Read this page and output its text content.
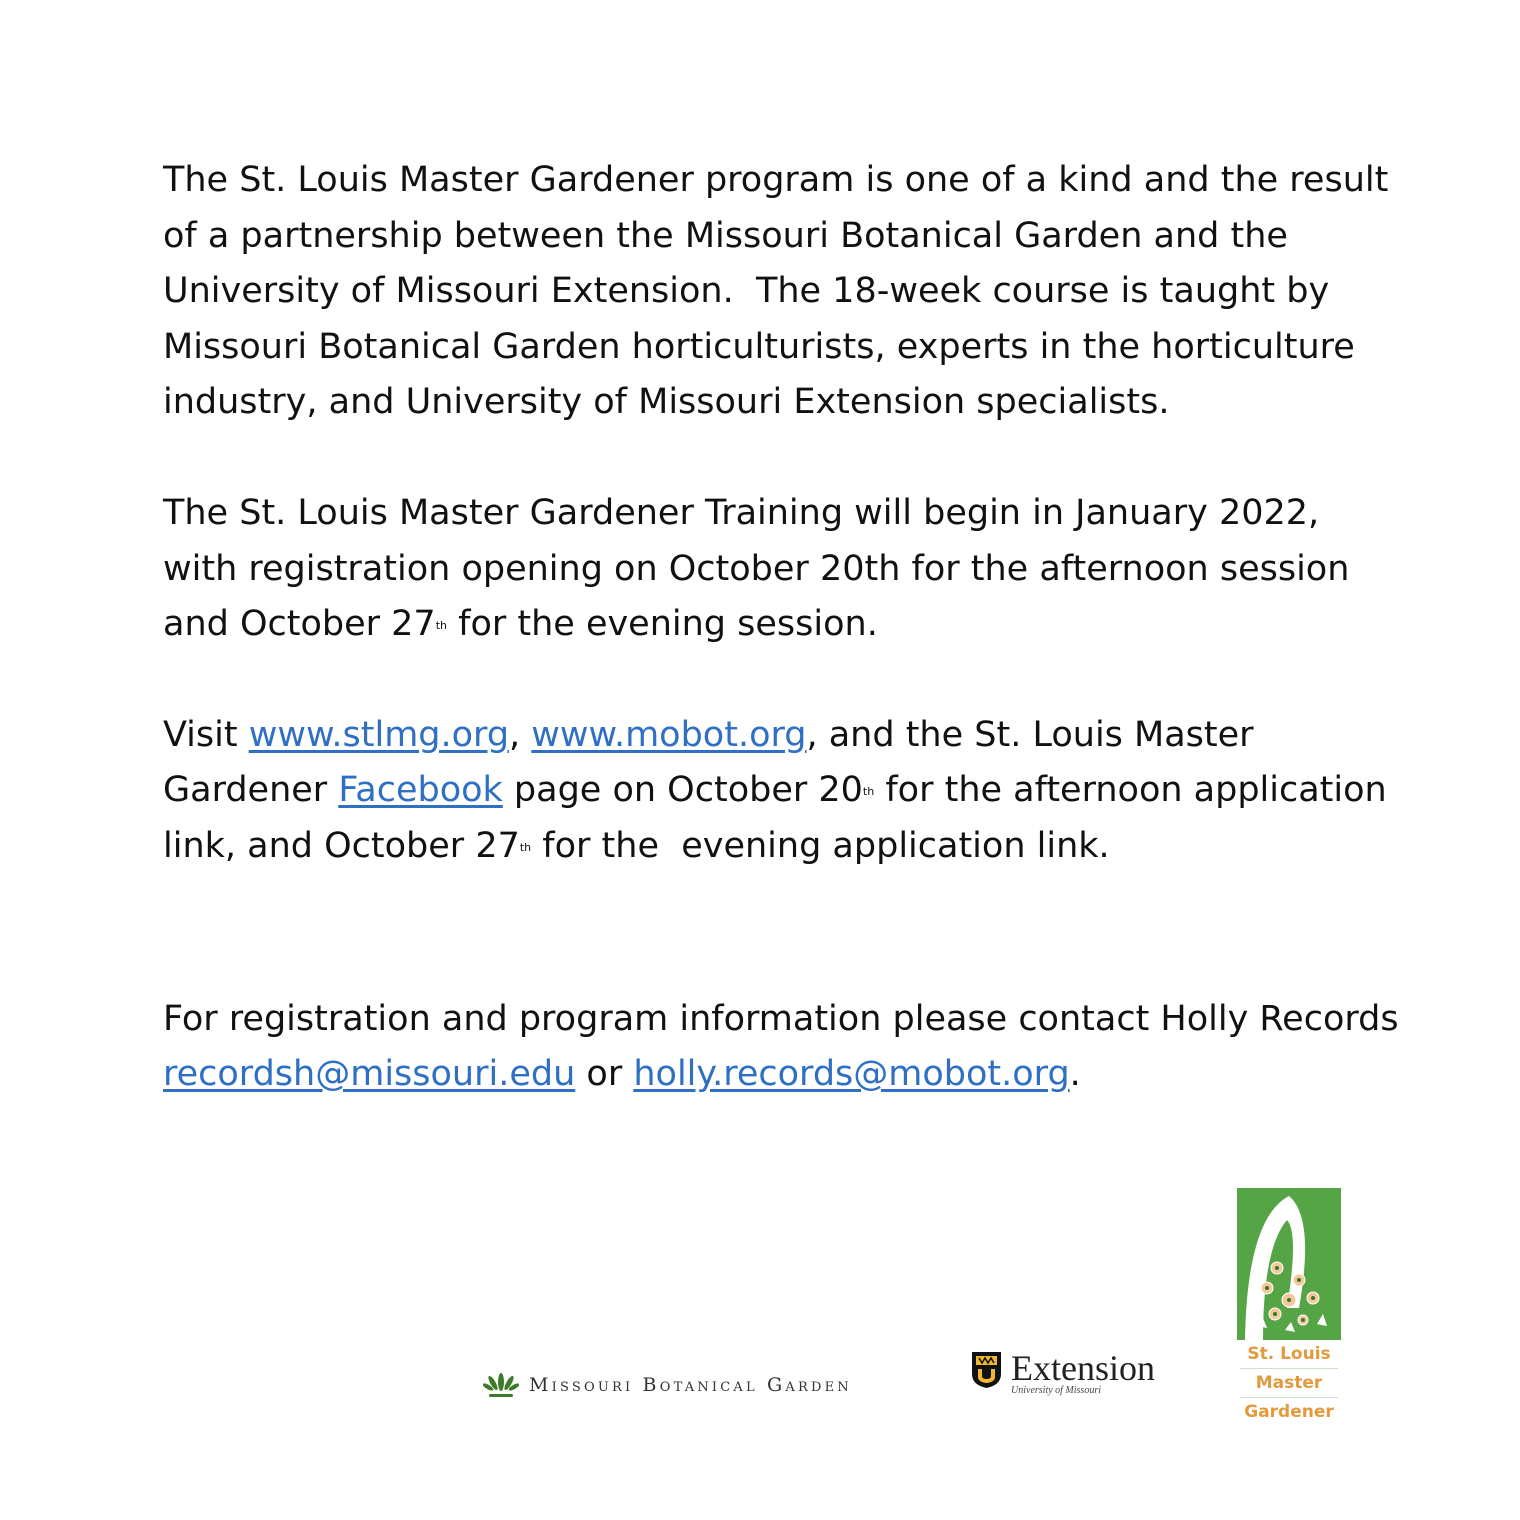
The St. Louis Master Gardener program is one of a kind and the result of a partnership between the Missouri Botanical Garden and the University of Missouri Extension.  The 18-week course is taught by Missouri Botanical Garden horticulturists, experts in the horticulture industry, and University of Missouri Extension specialists.

The St. Louis Master Gardener Training will begin in January 2022, with registration opening on October 20th for the afternoon session and October 27th for the evening session.

Visit www.stlmg.org, www.mobot.org, and the St. Louis Master Gardener Facebook page on October 20th for the afternoon application link, and October 27th for the  evening application link.

For registration and program information please contact Holly Records recordsh@missouri.edu or holly.records@mobot.org.

Missouri Botanical Garden	Extension
University of Missouri
St. Louis
Master
Gardener
